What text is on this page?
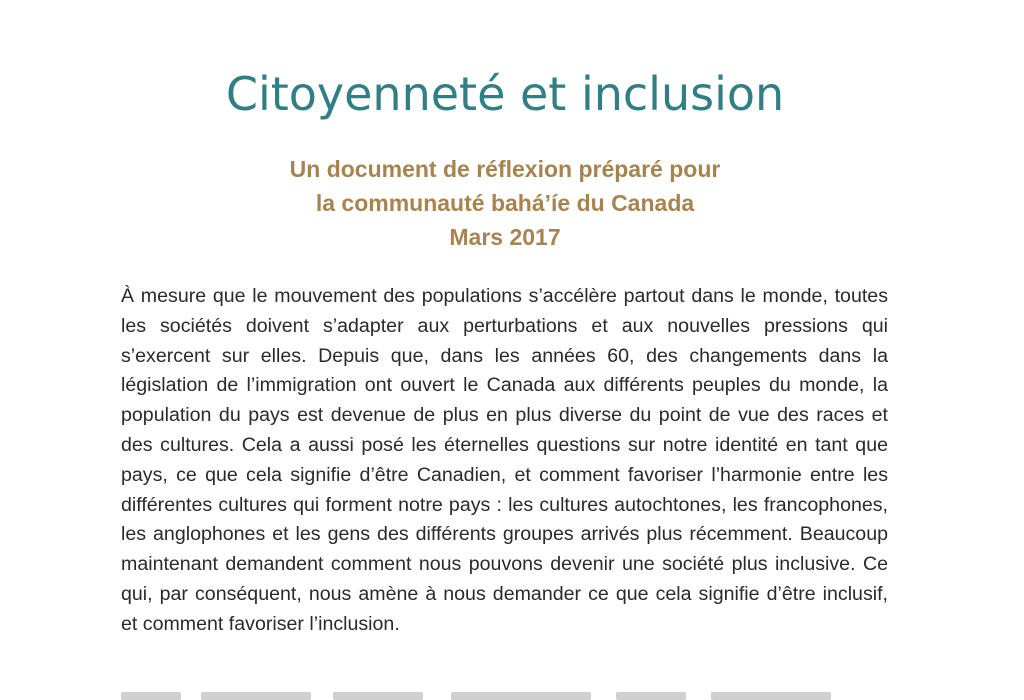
Citoyenneté et inclusion
Un document de réflexion préparé pour
la communauté bahá’íe du Canada
Mars 2017

À mesure que le mouvement des populations s’accélère partout dans le monde, toutes les sociétés doivent s’adapter aux perturbations et aux nouvelles pressions qui s’exercent sur elles. Depuis que, dans les années 60, des changements dans la législation de l’immigration ont ouvert le Canada aux différents peuples du monde, la population du pays est devenue de plus en plus diverse du point de vue des races et des cultures. Cela a aussi posé les éternelles questions sur notre identité en tant que pays, ce que cela signifie d’être Canadien, et comment favoriser l’harmonie entre les différentes cultures qui forment notre pays : les cultures autochtones, les francophones, les anglophones et les gens des différents groupes arrivés plus récemment. Beaucoup maintenant demandent comment nous pouvons devenir une société plus inclusive. Ce qui, par conséquent, nous amène à nous demander ce que cela signifie d’être inclusif, et comment favoriser l’inclusion.
